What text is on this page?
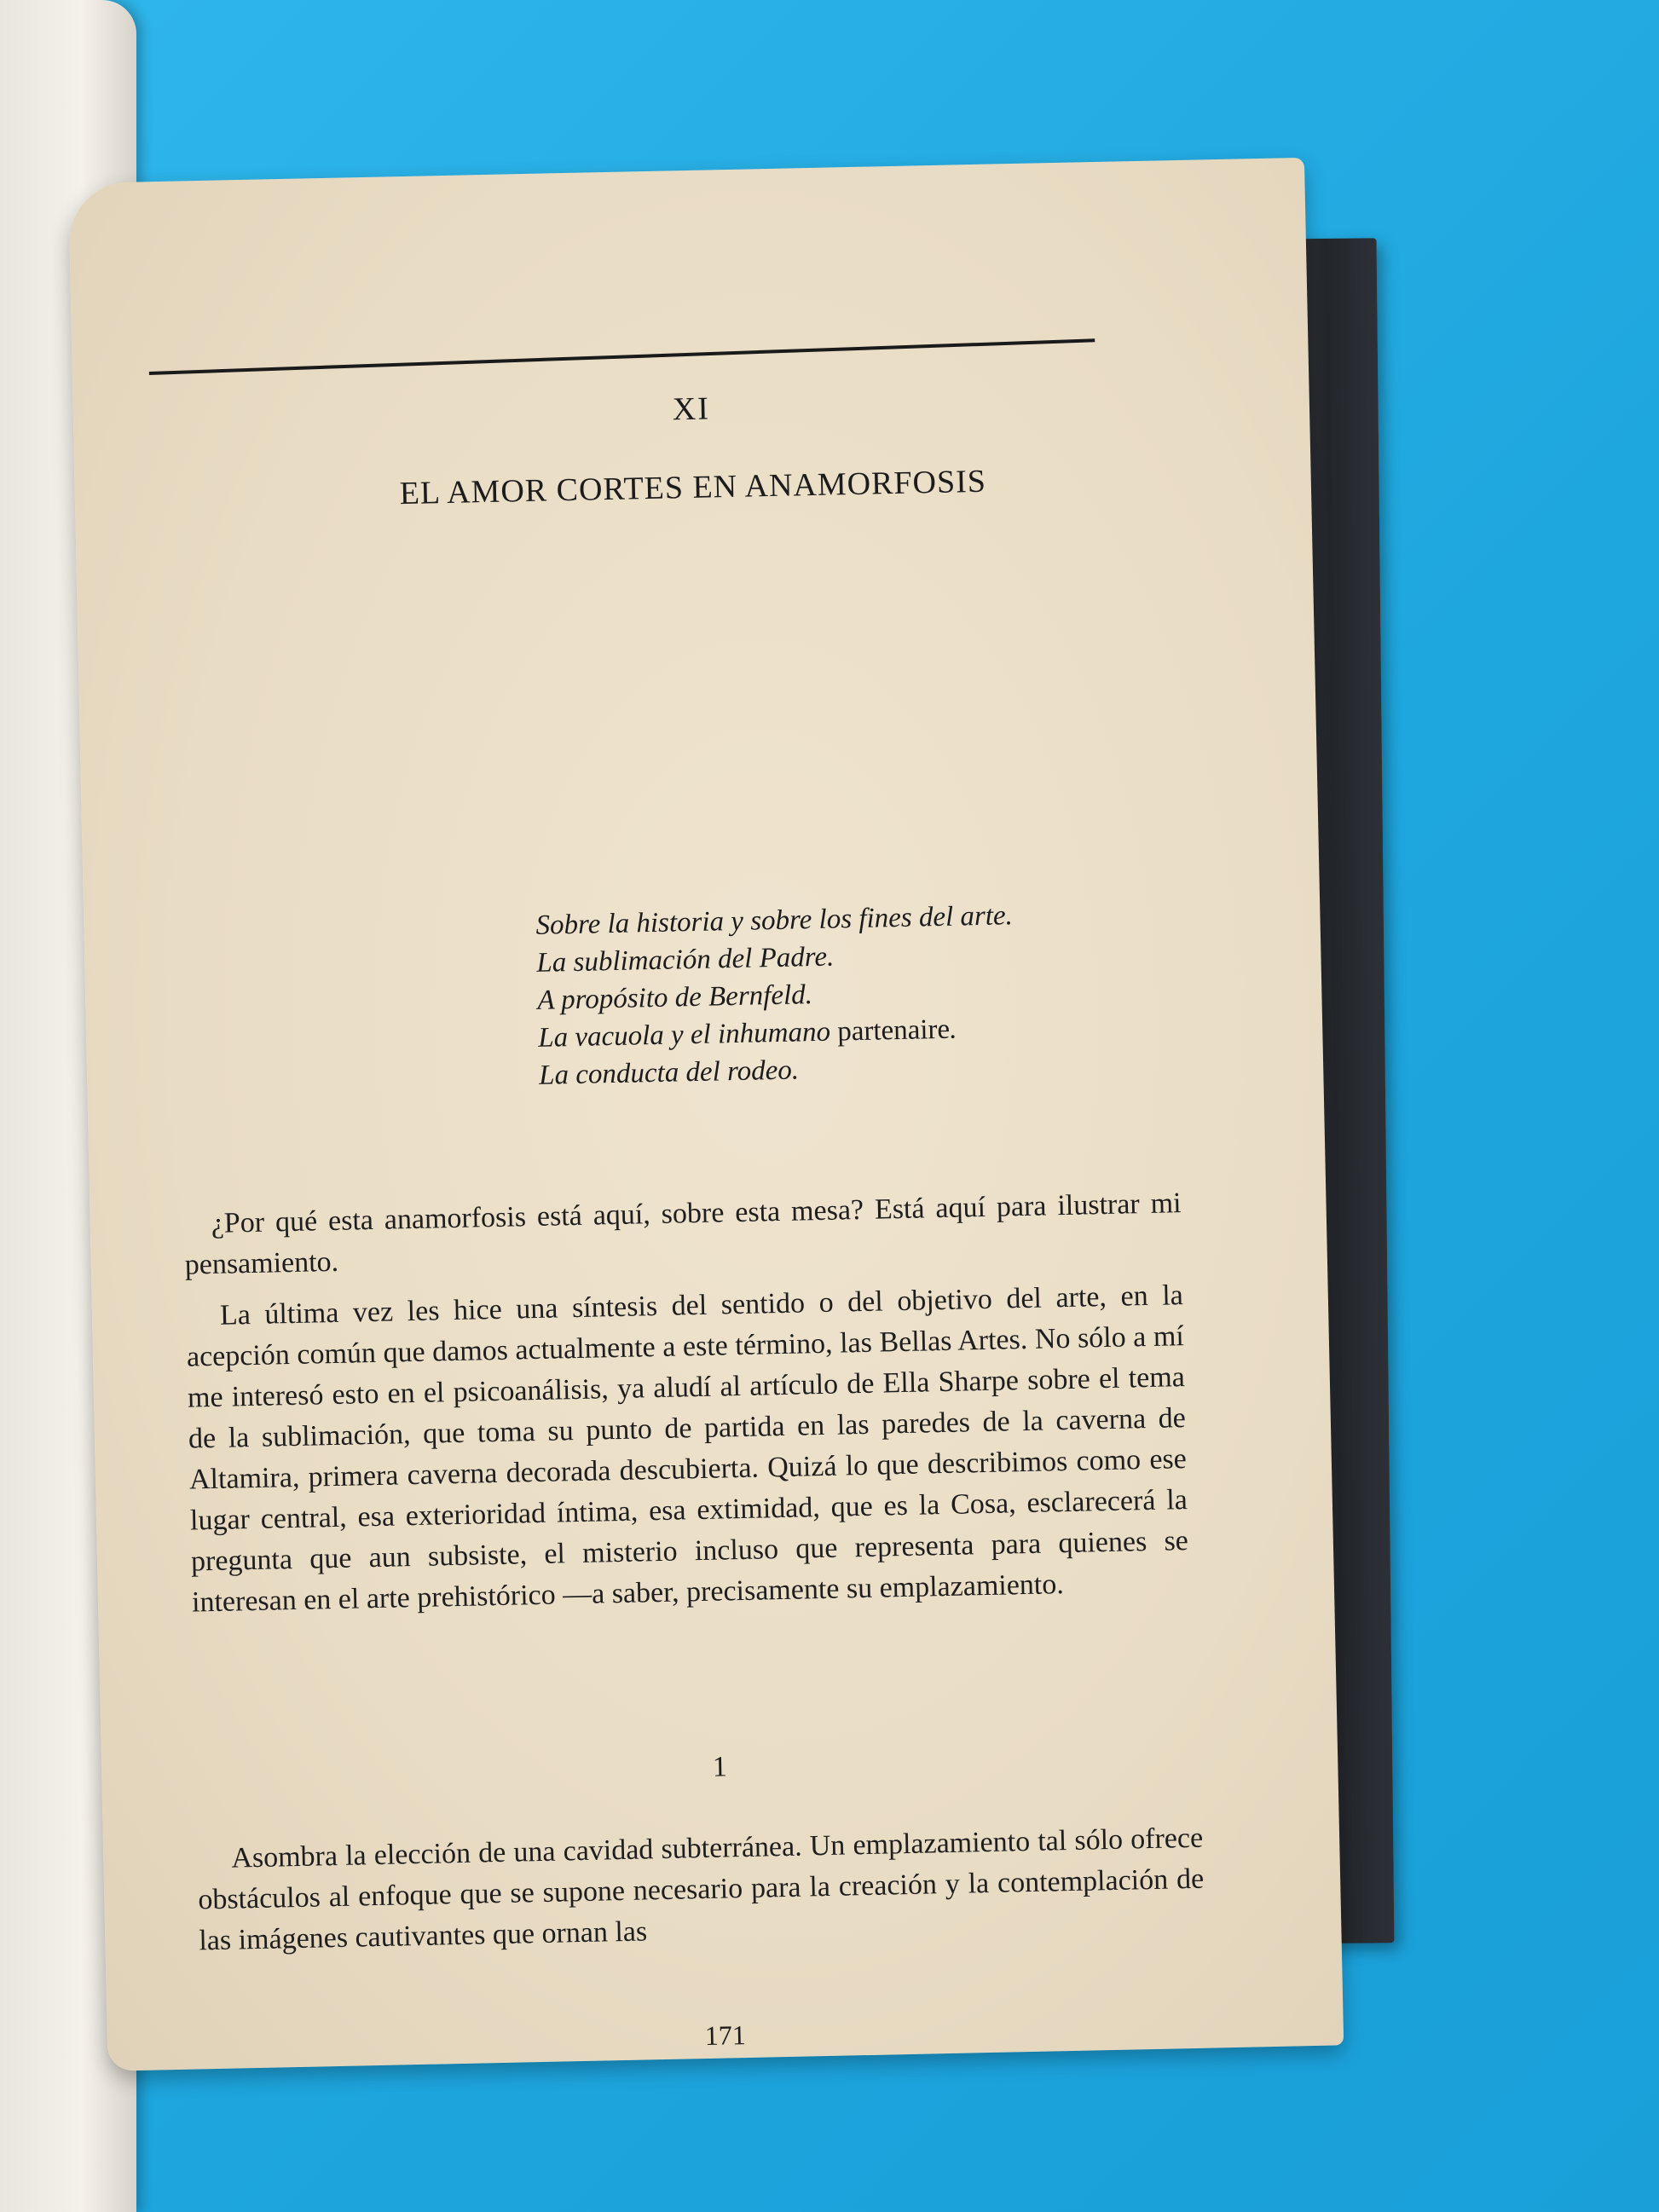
XI
EL AMOR CORTES EN ANAMORFOSIS
Sobre la historia y sobre los fines del arte.
La sublimación del Padre.
A propósito de Bernfeld.
La vacuola y el inhumano partenaire.
La conducta del rodeo.

¿Por qué esta anamorfosis está aquí, sobre esta mesa? Está aquí para ilustrar mi pensamiento.

La última vez les hice una síntesis del sentido o del objetivo del arte, en la acepción común que damos actualmente a este término, las Bellas Artes. No sólo a mí me interesó esto en el psicoanálisis, ya aludí al artículo de Ella Sharpe sobre el tema de la sublimación, que toma su punto de partida en las paredes de la caverna de Altamira, primera caverna decorada descubierta. Quizá lo que describimos como ese lugar central, esa exterioridad íntima, esa extimidad, que es la Cosa, esclarecerá la pregunta que aun subsiste, el misterio incluso que representa para quienes se interesan en el arte prehistórico —a saber, precisamente su emplazamiento.

1

Asombra la elección de una cavidad subterránea. Un emplazamiento tal sólo ofrece obstáculos al enfoque que se supone necesario para la creación y la contemplación de las imágenes cautivantes que ornan las

171
